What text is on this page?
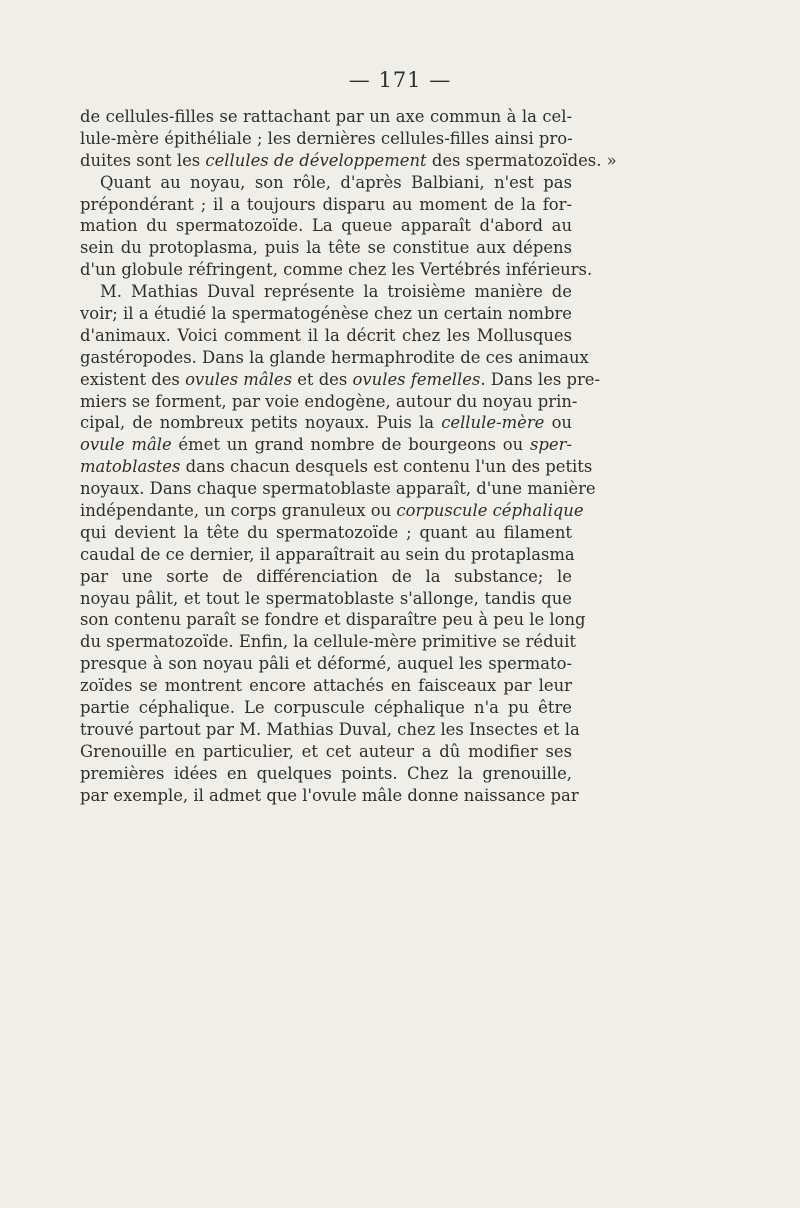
— 171 —
de cellules-filles se rattachant par un axe commun à la cel-
lule-mère épithéliale ; les dernières cellules-filles ainsi pro-
duites sont les cellules de développement des spermatozoïdes. »
Quant au noyau, son rôle, d'après Balbiani, n'est pas
prépondérant ; il a toujours disparu au moment de la for-
mation du spermatozoïde. La queue apparaît d'abord au
sein du protoplasma, puis la tête se constitue aux dépens
d'un globule réfringent, comme chez les Vertébrés inférieurs.
M. Mathias Duval représente la troisième manière de
voir; il a étudié la spermatogénèse chez un certain nombre
d'animaux. Voici comment il la décrit chez les Mollusques
gastéropodes. Dans la glande hermaphrodite de ces animaux
existent des ovules mâles et des ovules femelles. Dans les pre-
miers se forment, par voie endogène, autour du noyau prin-
cipal, de nombreux petits noyaux. Puis la cellule-mère ou
ovule mâle émet un grand nombre de bourgeons ou sper-
matoblastes dans chacun desquels est contenu l'un des petits
noyaux. Dans chaque spermatoblaste apparaît, d'une manière
indépendante, un corps granuleux ou corpuscule céphalique
qui devient la tête du spermatozoïde ; quant au filament
caudal de ce dernier, il apparaîtrait au sein du protaplasma
par une sorte de différenciation de la substance; le
noyau pâlit, et tout le spermatoblaste s'allonge, tandis que
son contenu paraît se fondre et disparaître peu à peu le long
du spermatozoïde. Enfin, la cellule-mère primitive se réduit
presque à son noyau pâli et déformé, auquel les spermato-
zoïdes se montrent encore attachés en faisceaux par leur
partie céphalique. Le corpuscule céphalique n'a pu être
trouvé partout par M. Mathias Duval, chez les Insectes et la
Grenouille en particulier, et cet auteur a dû modifier ses
premières idées en quelques points. Chez la grenouille,
par exemple, il admet que l'ovule mâle donne naissance par
